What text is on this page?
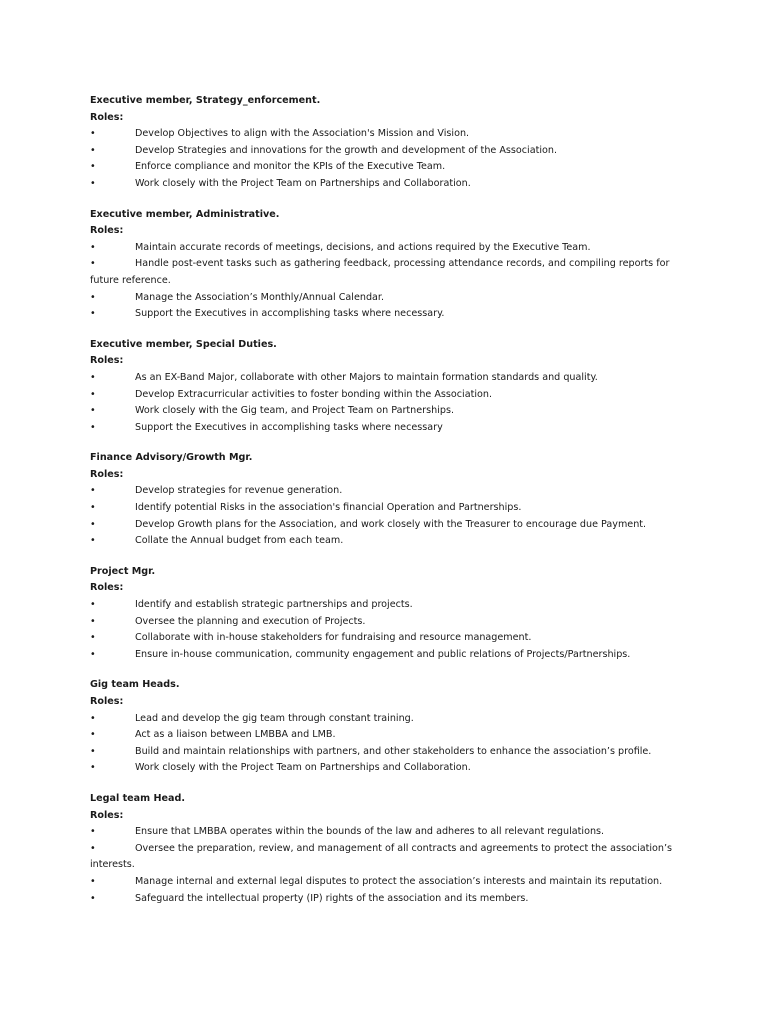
Executive member, Strategy_enforcement.
Roles:
•	Develop Objectives to align with the Association's Mission and Vision.
•	Develop Strategies and innovations for the growth and development of the Association.
•	Enforce compliance and monitor the KPIs of the Executive Team.
•	Work closely with the Project Team on Partnerships and Collaboration.
Executive member, Administrative.
Roles:
•	Maintain accurate records of meetings, decisions, and actions required by the Executive Team.
•	Handle post-event tasks such as gathering feedback, processing attendance records, and compiling reports for future reference.
•	Manage the Association’s Monthly/Annual Calendar.
•	Support the Executives in accomplishing tasks where necessary.
Executive member, Special Duties.
Roles:
•	As an EX-Band Major, collaborate with other Majors to maintain formation standards and quality.
•	Develop Extracurricular activities to foster bonding within the Association.
•	Work closely with the Gig team, and Project Team on Partnerships.
•	Support the Executives in accomplishing tasks where necessary
Finance Advisory/Growth Mgr.
Roles:
•	Develop strategies for revenue generation.
•	Identify potential Risks in the association's financial Operation and Partnerships.
•	Develop Growth plans for the Association, and work closely with the Treasurer to encourage due Payment.
•	Collate the Annual budget from each team.
Project Mgr.
Roles:
•	Identify and establish strategic partnerships and projects.
•	Oversee the planning and execution of Projects.
•	Collaborate with in-house stakeholders for fundraising and resource management.
•	Ensure in-house communication, community engagement and public relations of Projects/Partnerships.
Gig team Heads.
Roles:
•	Lead and develop the gig team through constant training.
•	Act as a liaison between LMBBA and LMB.
•	Build and maintain relationships with partners, and other stakeholders to enhance the association’s profile.
•	Work closely with the Project Team on Partnerships and Collaboration.
Legal team Head.
Roles:
•	Ensure that LMBBA operates within the bounds of the law and adheres to all relevant regulations.
•	Oversee the preparation, review, and management of all contracts and agreements to protect the association’s interests.
•	Manage internal and external legal disputes to protect the association’s interests and maintain its reputation.
•	Safeguard the intellectual property (IP) rights of the association and its members.
